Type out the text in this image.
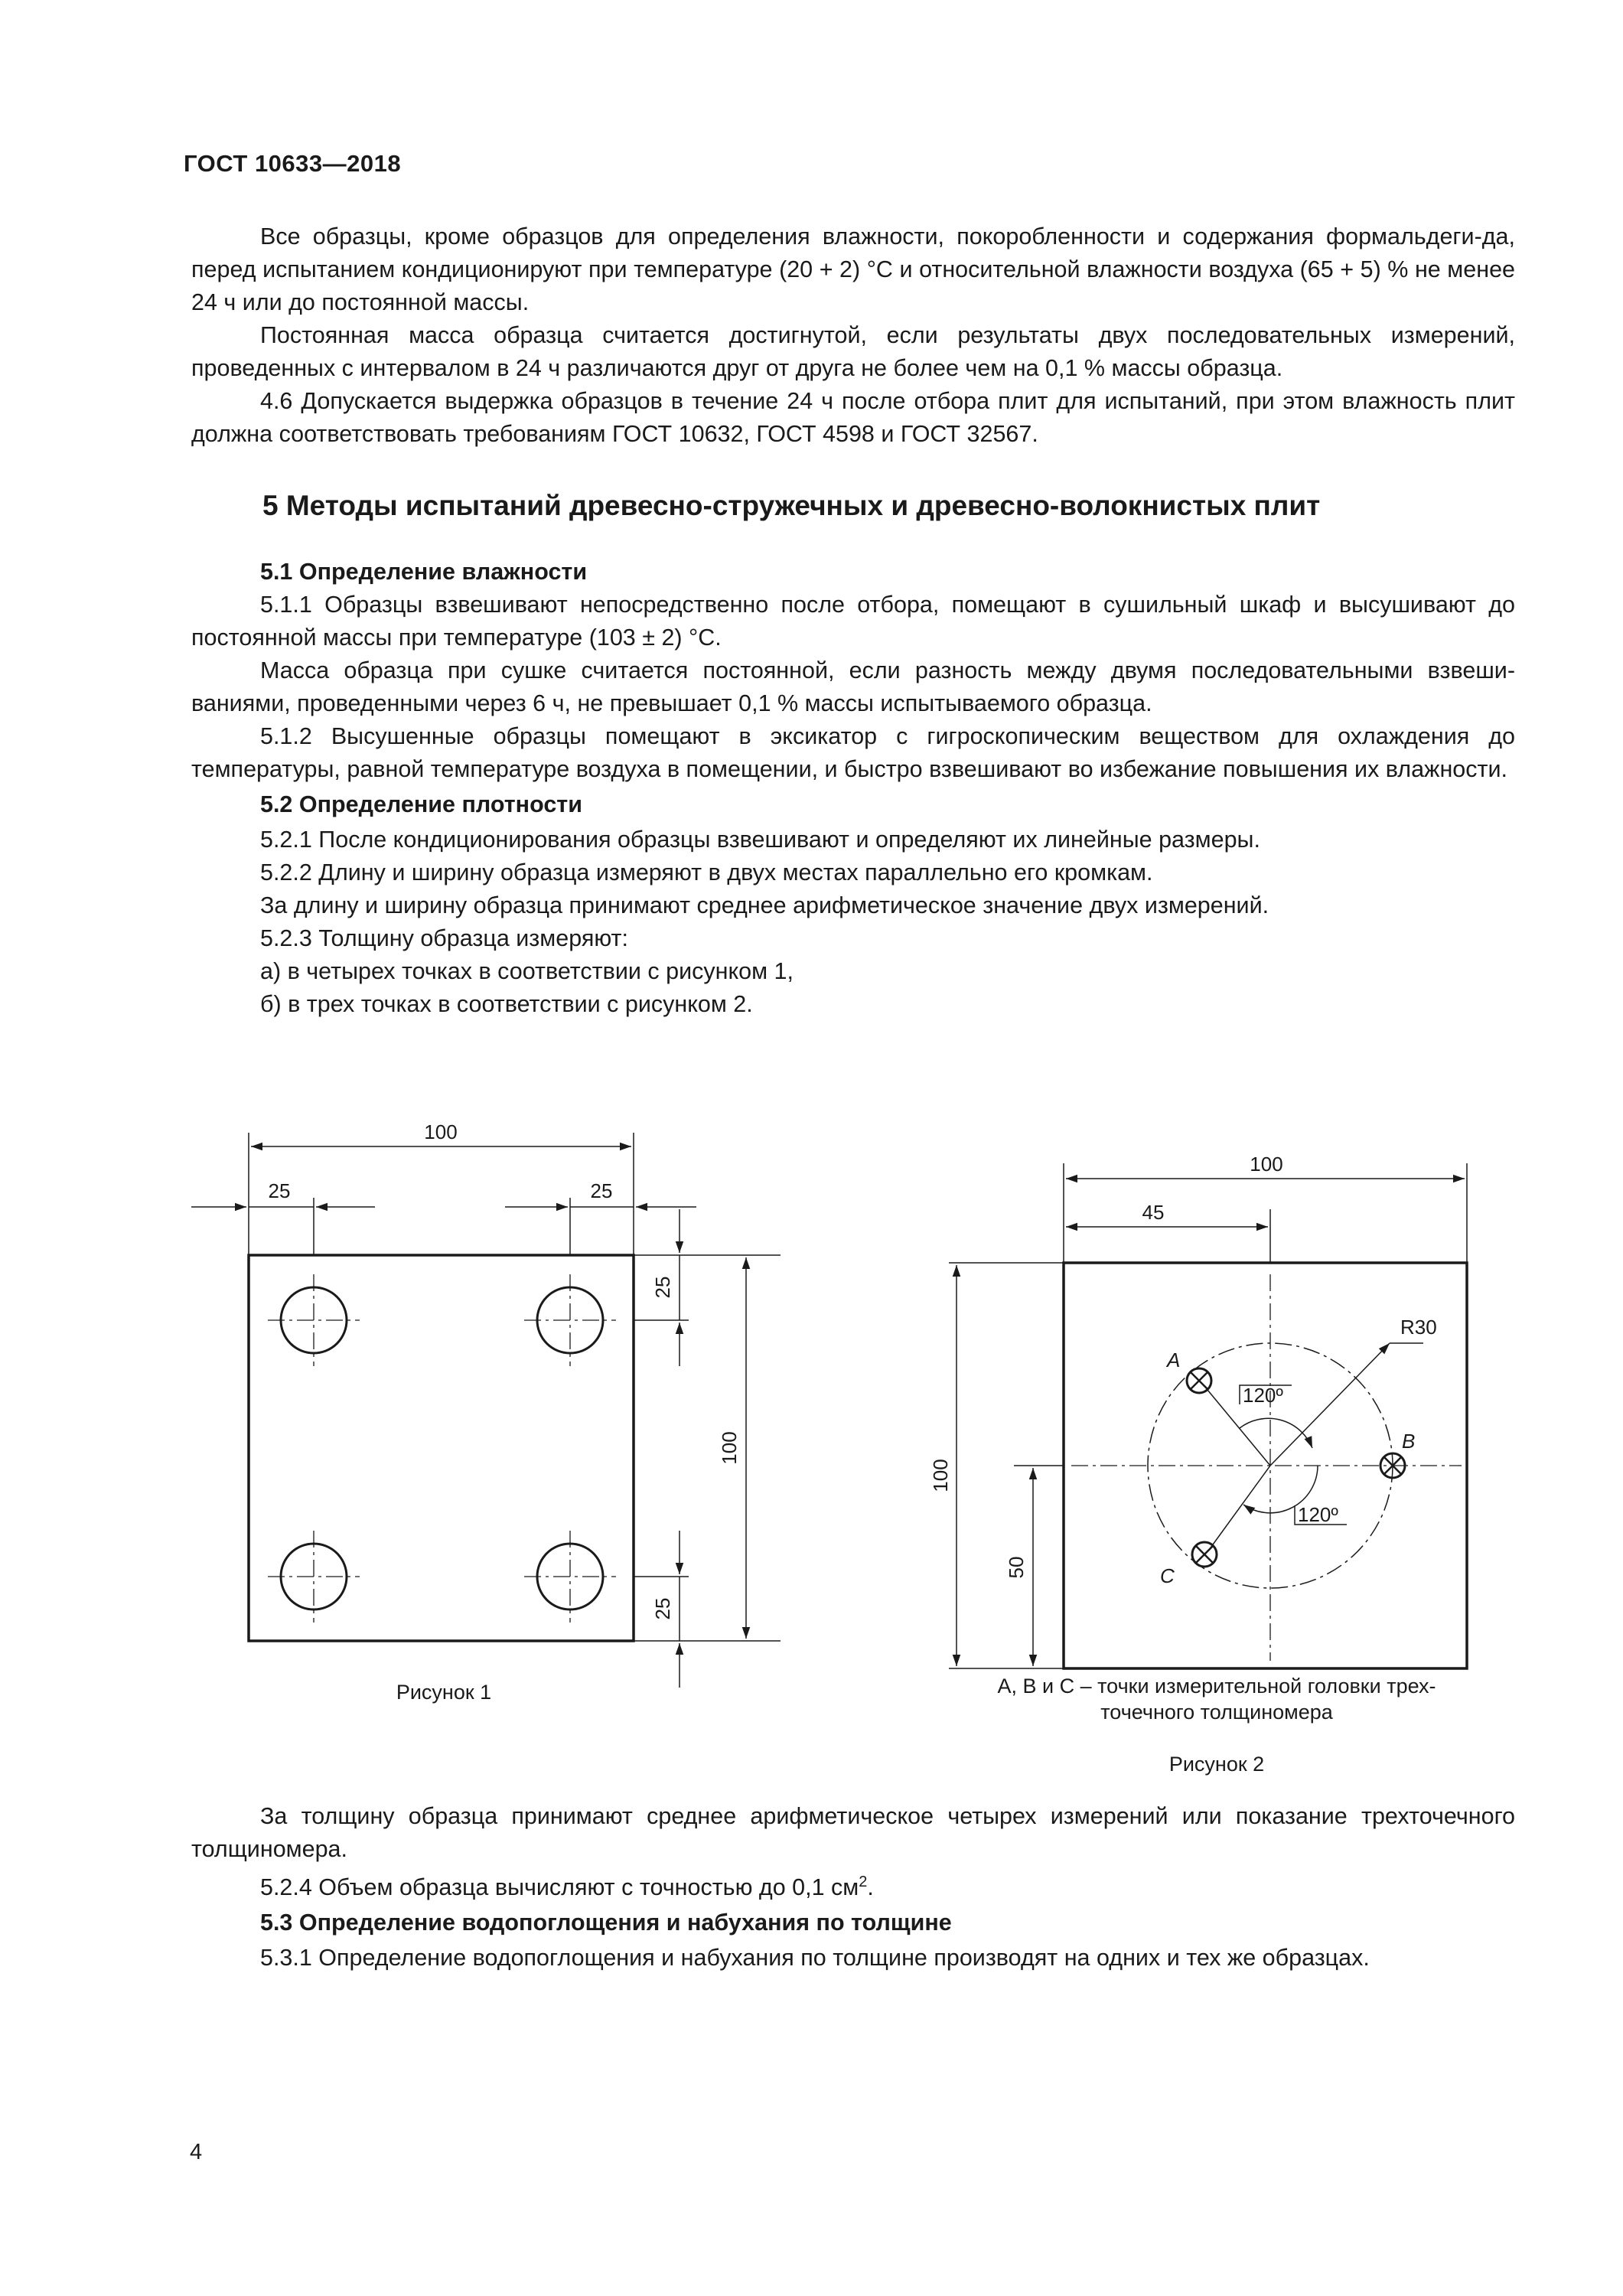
ГОСТ 10633—2018
Все образцы, кроме образцов для определения влажности, покоробленности и содержания формальдеги-да, перед испытанием кондиционируют при температуре (20 + 2) °С и относительной влажности воздуха (65 + 5) % не менее 24 ч или до постоянной массы.
Постоянная масса образца считается достигнутой, если результаты двух последовательных измерений, проведенных с интервалом в 24 ч различаются друг от друга не более чем на 0,1 % массы образца.
4.6 Допускается выдержка образцов в течение 24 ч после отбора плит для испытаний, при этом влажность плит должна соответствовать требованиям ГОСТ 10632, ГОСТ 4598 и ГОСТ 32567.
5 Методы испытаний древесно-стружечных и древесно-волокнистых плит
5.1 Определение влажности
5.1.1 Образцы взвешивают непосредственно после отбора, помещают в сушильный шкаф и высушивают до постоянной массы при температуре (103 ± 2) °С.
Масса образца при сушке считается постоянной, если разность между двумя последовательными взвеши-ваниями, проведенными через 6 ч, не превышает 0,1 % массы испытываемого образца.
5.1.2 Высушенные образцы помещают в эксикатор с гигроскопическим веществом для охлаждения до температуры, равной температуре воздуха в помещении, и быстро взвешивают во избежание повышения их влажности.
5.2 Определение плотности
5.2.1 После кондиционирования образцы взвешивают и определяют их линейные размеры.
5.2.2 Длину и ширину образца измеряют в двух местах параллельно его кромкам.
За длину и ширину образца принимают среднее арифметическое значение двух измерений.
5.2.3 Толщину образца измеряют:
а) в четырех точках в соответствии с рисунком 1,
б) в трех точках в соответствии с рисунком 2.
100
25	25
25
25
100
Рисунок 1
100
45
100
50
R30
120º
120º
A
B
C
А, В и С – точки измерительной головки трех-
точечного толщиномера
Рисунок 2
За толщину образца принимают среднее арифметическое четырех измерений или показание трехточечного толщиномера.
5.2.4 Объем образца вычисляют с точностью до 0,1 $см^2$.
5.3 Определение водопоглощения и набухания по толщине
5.3.1 Определение водопоглощения и набухания по толщине производят на одних и тех же образцах.
4
